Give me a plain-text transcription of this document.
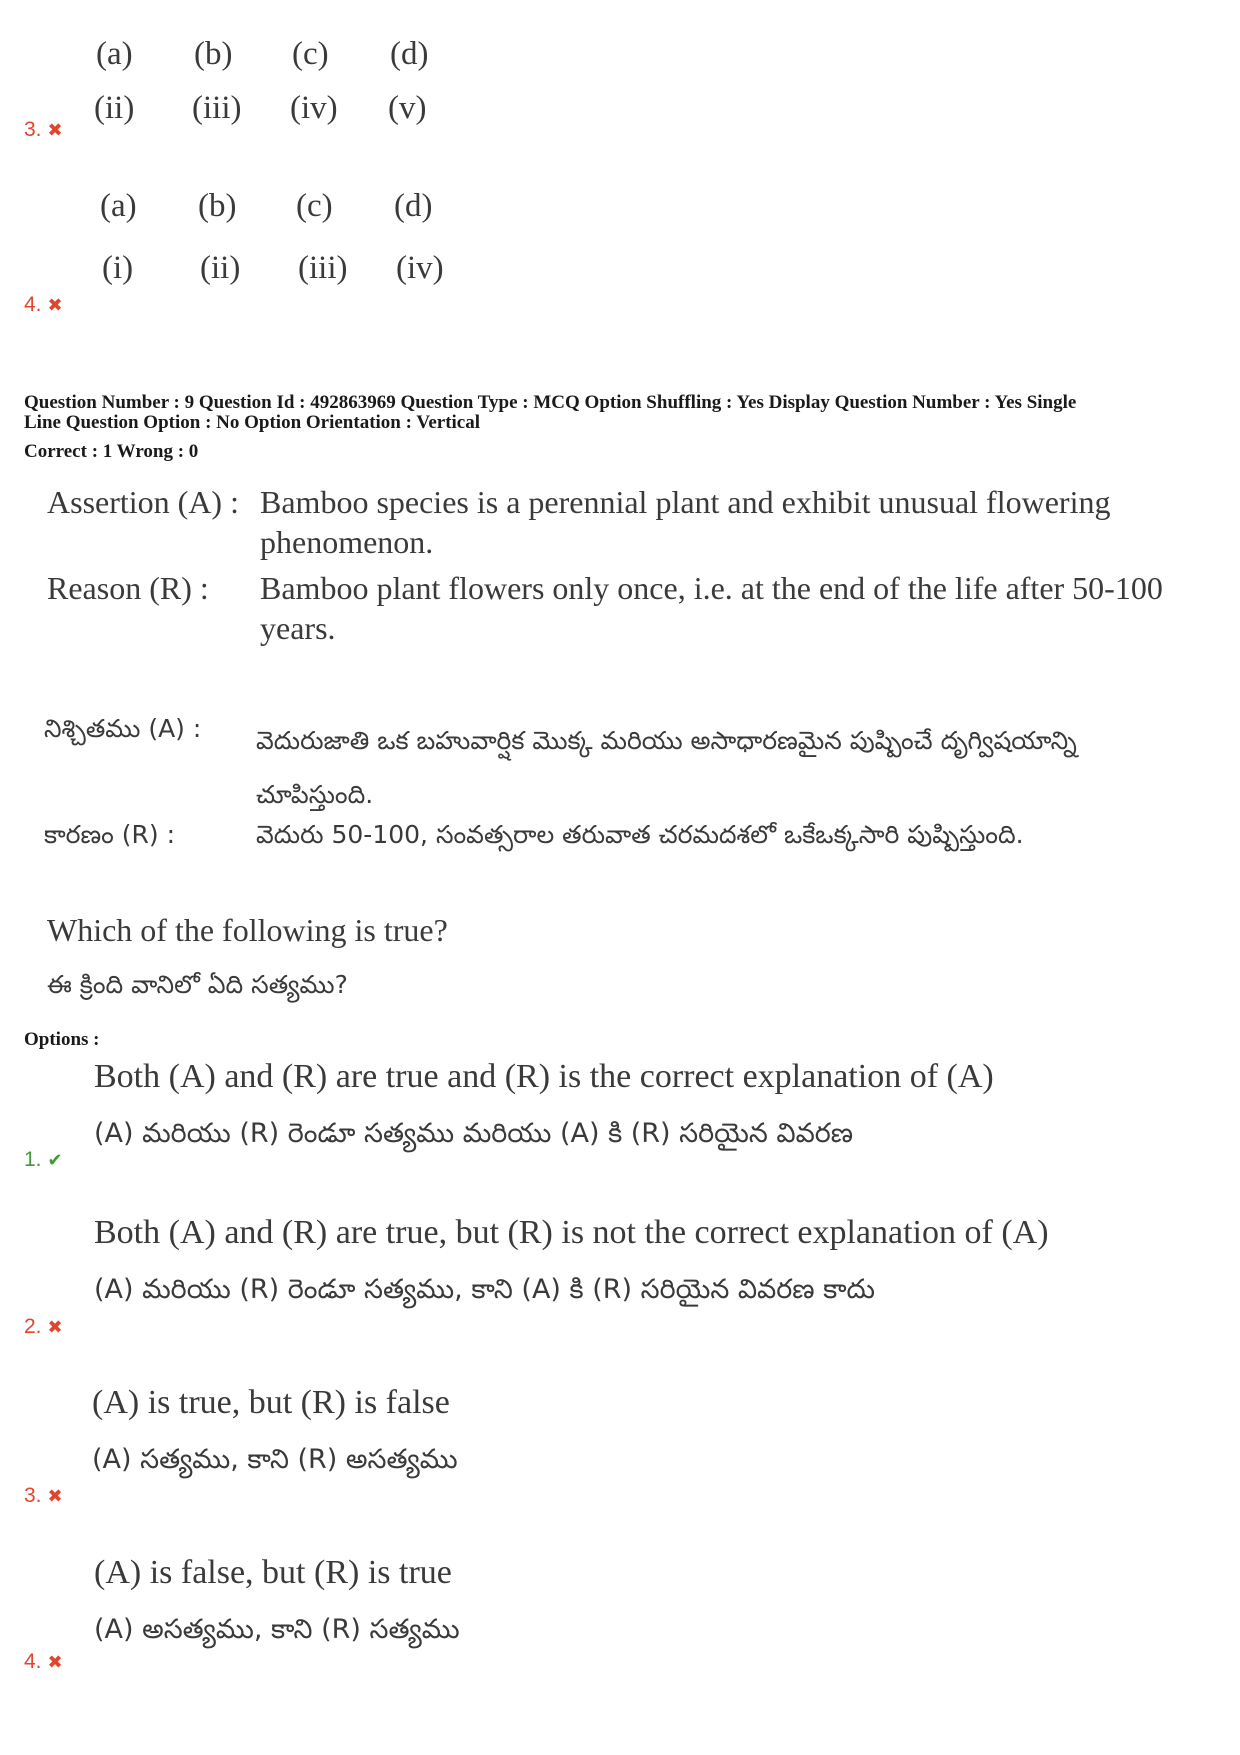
(a)	(b)	(c)	(d)
(ii)	(iii)	(iv)	(v)
3. ✖
(a)	(b)	(c)	(d)
(i)	(ii)	(iii)	(iv)
4. ✖
Question Number : 9 Question Id : 492863969 Question Type : MCQ Option Shuffling : Yes Display Question Number : Yes Single
Line Question Option : No Option Orientation : Vertical
Correct : 1 Wrong : 0
Assertion (A) : Bamboo species is a perennial plant and exhibit unusual flowering
phenomenon.
Reason (R) : Bamboo plant flowers only once, i.e. at the end of the life after 50-100
years.
నిశ్చితము (A) : వెదురుజాతి ఒక బహువార్షిక మొక్క మరియు అసాధారణమైన పుష్పించే దృగ్విషయాన్ని
చూపిస్తుంది.
కారణం (R) :	వెదురు 50-100, సంవత్సరాల తరువాత చరమదశలో ఒకేఒక్కసారి పుష్పిస్తుంది.
Which of the following is true?
ఈ క్రింది వానిలో ఏది సత్యము?
Options :
Both (A) and (R) are true and (R) is the correct explanation of (A)
(A) మరియు (R) రెండూ సత్యము మరియు (A) కి (R) సరియైన వివరణ
1. ✔
Both (A) and (R) are true, but (R) is not the correct explanation of (A)
(A) మరియు (R) రెండూ సత్యము, కాని (A) కి (R) సరియైన వివరణ కాదు
2. ✖
(A) is true, but (R) is false
(A) సత్యము, కాని (R) అసత్యము
3. ✖
(A) is false, but (R) is true
(A) అసత్యము, కాని (R) సత్యము
4. ✖
